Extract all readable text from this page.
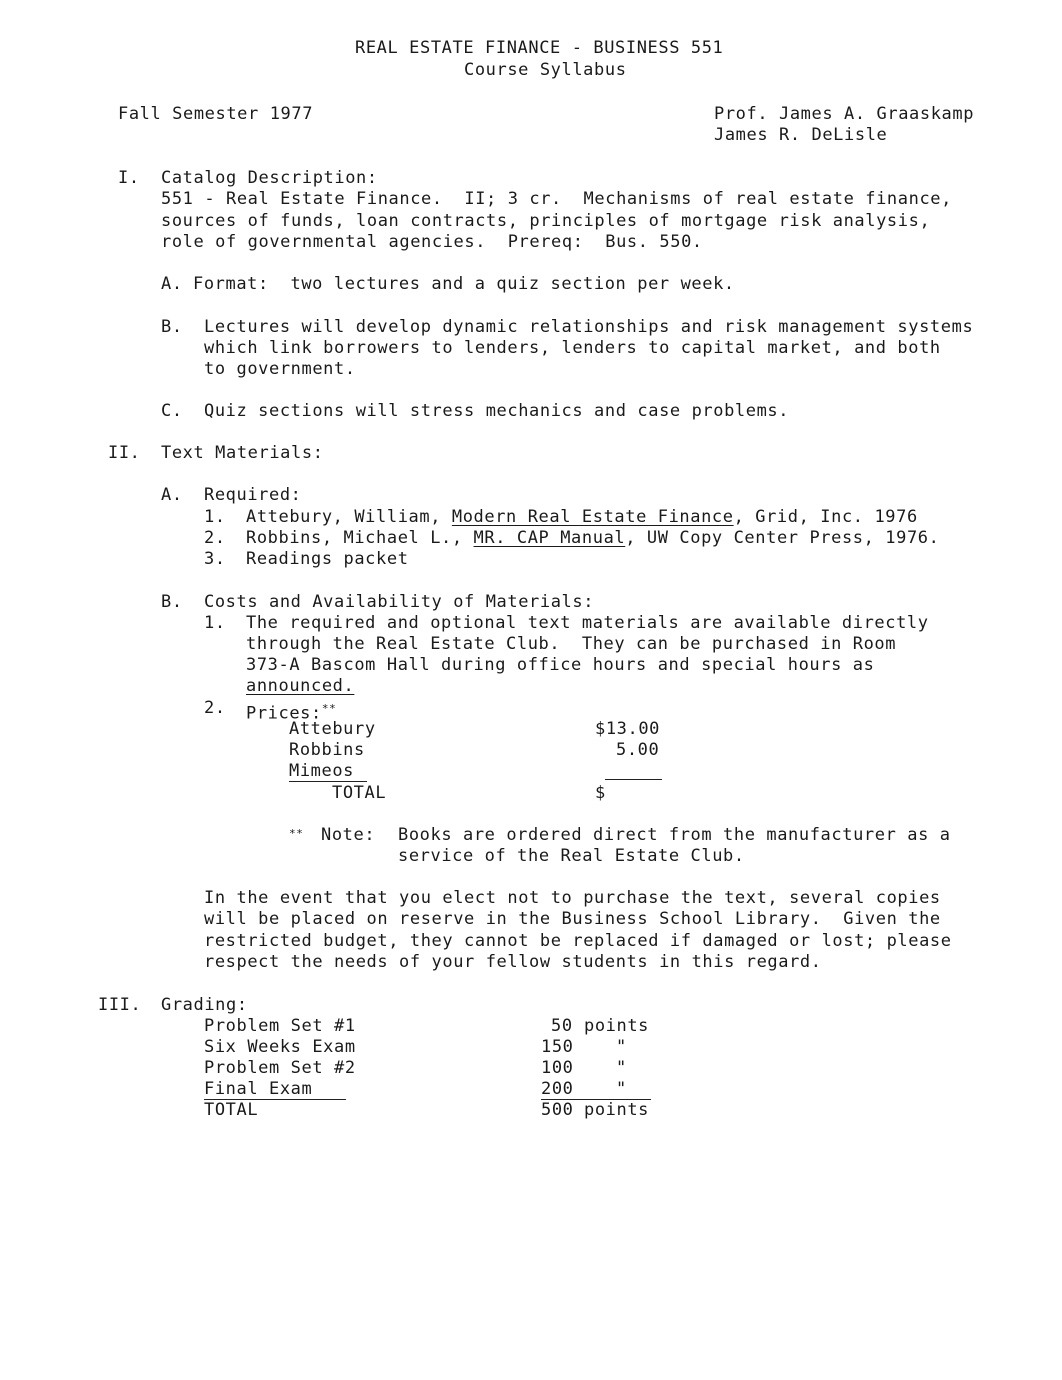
REAL ESTATE FINANCE - BUSINESS 551
Course Syllabus
Fall Semester 1977	Prof. James A. Graaskamp
James R. DeLisle
I. Catalog Description:
551 - Real Estate Finance.  II; 3 cr.  Mechanisms of real estate finance,
sources of funds, loan contracts, principles of mortgage risk analysis,
role of governmental agencies.  Prereq:  Bus. 550.
A. Format:  two lectures and a quiz section per week.
B. Lectures will develop dynamic relationships and risk management systems
which link borrowers to lenders, lenders to capital market, and both
to government.
C. Quiz sections will stress mechanics and case problems.
II. Text Materials:
A. Required:
1. Attebury, William, Modern Real Estate Finance, Grid, Inc. 1976
2. Robbins, Michael L., MR. CAP Manual, UW Copy Center Press, 1976.
3. Readings packet
B. Costs and Availability of Materials:
1. The required and optional text materials are available directly
through the Real Estate Club.  They can be purchased in Room
373-A Bascom Hall during office hours and special hours as
announced.
2. Prices:**
Attebury	$13.00
Robbins	5.00
Mimeos
TOTAL	$
** Note: Books are ordered direct from the manufacturer as a
service of the Real Estate Club.
In the event that you elect not to purchase the text, several copies
will be placed on reserve in the Business School Library.  Given the
restricted budget, they cannot be replaced if damaged or lost; please
respect the needs of your fellow students in this regard.
III. Grading:
Problem Set #1	50 points
Six Weeks Exam	150 "
Problem Set #2	100 "
Final Exam	200 "
TOTAL	500 points
